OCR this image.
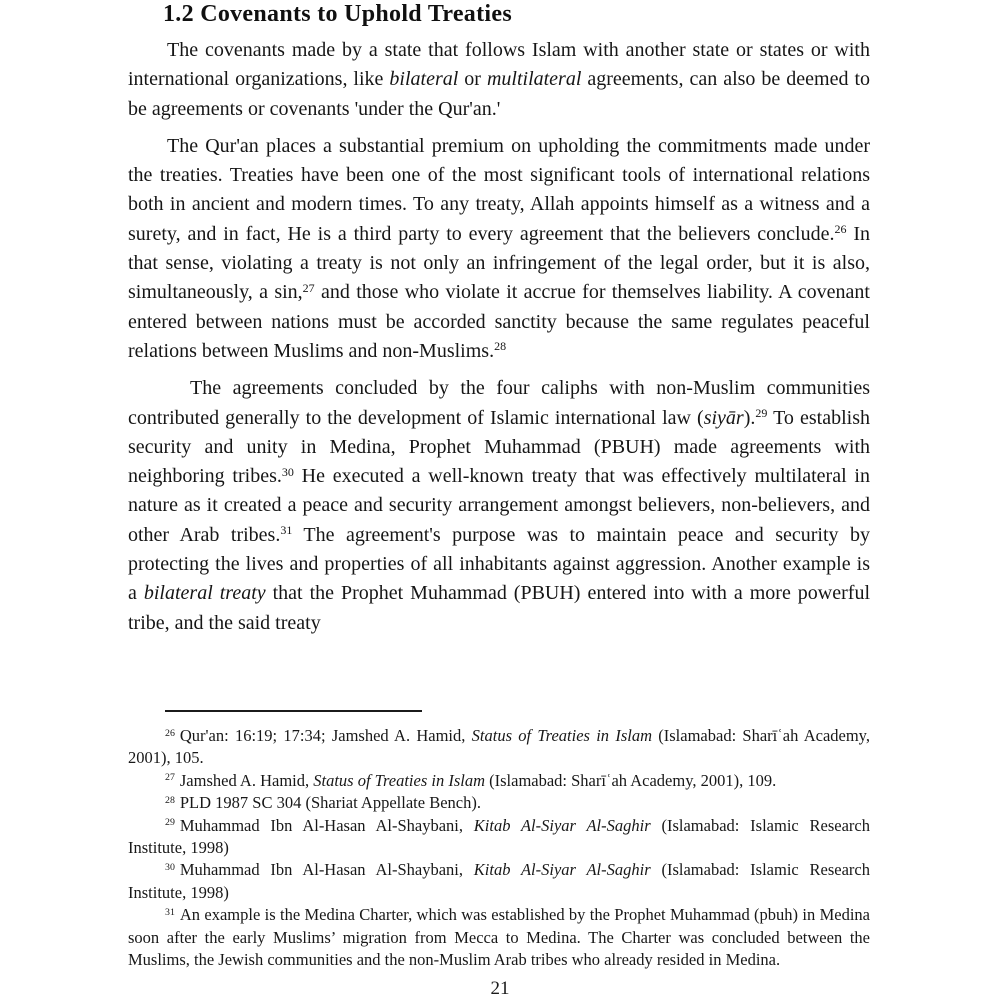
1.2 Covenants to Uphold Treaties

The covenants made by a state that follows Islam with another state or states or with international organizations, like bilateral or multilateral agreements, can also be deemed to be agreements or covenants 'under the Qur'an.'

The Qur'an places a substantial premium on upholding the commitments made under the treaties. Treaties have been one of the most significant tools of international relations both in ancient and modern times. To any treaty, Allah appoints himself as a witness and a surety, and in fact, He is a third party to every agreement that the believers conclude.$^{26}$ In that sense, violating a treaty is not only an infringement of the legal order, but it is also, simultaneously, a sin,$^{27}$ and those who violate it accrue for themselves liability. A covenant entered between nations must be accorded sanctity because the same regulates peaceful relations between Muslims and non-Muslims.$^{28}$

The agreements concluded by the four caliphs with non-Muslim communities contributed generally to the development of Islamic international law (siyār).$^{29}$ To establish security and unity in Medina, Prophet Muhammad (PBUH) made agreements with neighboring tribes.$^{30}$ He executed a well-known treaty that was effectively multilateral in nature as it created a peace and security arrangement amongst believers, non-believers, and other Arab tribes.$^{31}$ The agreement's purpose was to maintain peace and security by protecting the lives and properties of all inhabitants against aggression. Another example is a bilateral treaty that the Prophet Muhammad (PBUH) entered into with a more powerful tribe, and the said treaty

$^{26}$ Qur'an: 16:19; 17:34; Jamshed A. Hamid, Status of Treaties in Islam (Islamabad: Sharīʿah Academy, 2001), 105.

$^{27}$ Jamshed A. Hamid, Status of Treaties in Islam (Islamabad: Sharīʿah Academy, 2001), 109.

$^{28}$ PLD 1987 SC 304 (Shariat Appellate Bench).

$^{29}$ Muhammad Ibn Al-Hasan Al-Shaybani, Kitab Al-Siyar Al-Saghir (Islamabad: Islamic Research Institute, 1998)

$^{30}$ Muhammad Ibn Al-Hasan Al-Shaybani, Kitab Al-Siyar Al-Saghir (Islamabad: Islamic Research Institute, 1998)

$^{31}$ An example is the Medina Charter, which was established by the Prophet Muhammad (pbuh) in Medina soon after the early Muslims’ migration from Mecca to Medina. The Charter was concluded between the Muslims, the Jewish communities and the non-Muslim Arab tribes who already resided in Medina.

21
